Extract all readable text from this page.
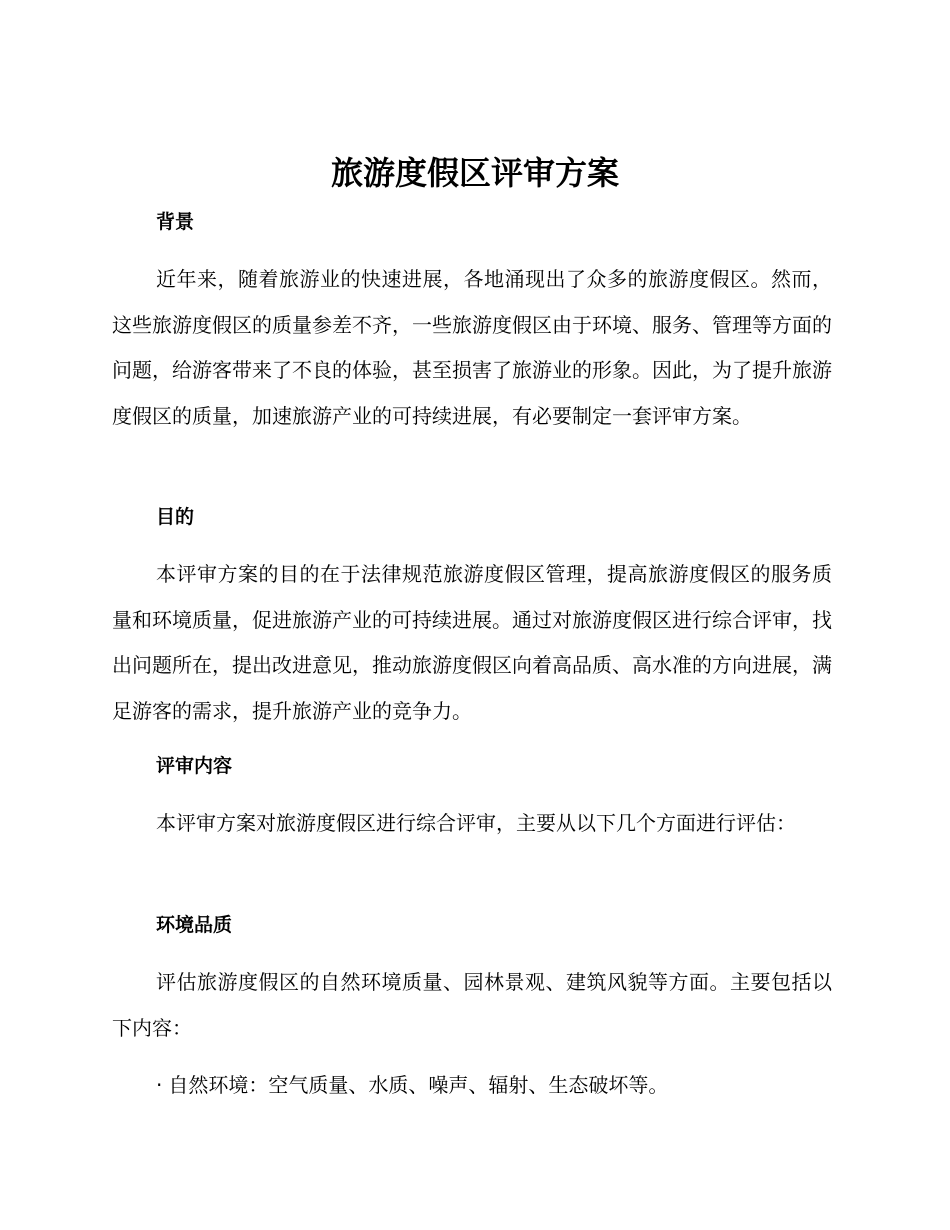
旅游度假区评审方案
背景

近年来，随着旅游业的快速进展，各地涌现出了众多的旅游度假区。然而，这些旅游度假区的质量参差不齐，一些旅游度假区由于环境、服务、管理等方面的问题，给游客带来了不良的体验，甚至损害了旅游业的形象。因此，为了提升旅游度假区的质量，加速旅游产业的可持续进展，有必要制定一套评审方案。

目的

本评审方案的目的在于法律规范旅游度假区管理，提高旅游度假区的服务质量和环境质量，促进旅游产业的可持续进展。通过对旅游度假区进行综合评审，找出问题所在，提出改进意见，推动旅游度假区向着高品质、高水准的方向进展，满足游客的需求，提升旅游产业的竞争力。

评审内容

本评审方案对旅游度假区进行综合评审，主要从以下几个方面进行评估：

环境品质

评估旅游度假区的自然环境质量、园林景观、建筑风貌等方面。主要包括以下内容：

· 自然环境：空气质量、水质、噪声、辐射、生态破坏等。
